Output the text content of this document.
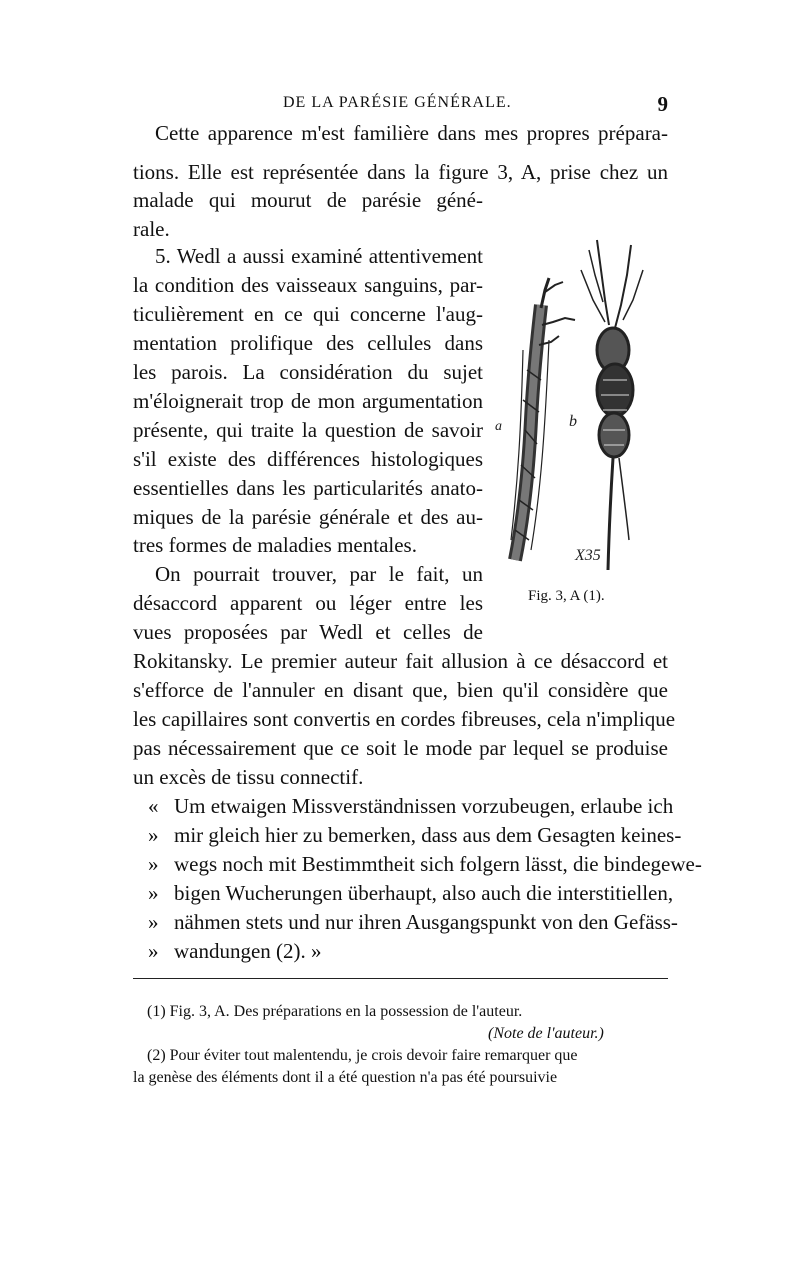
DE LA PARÉSIE GÉNÉRALE.	9
Cette apparence m'est familière dans mes propres prépara-
tions. Elle est représentée dans la figure 3, A, prise chez un
malade qui mourut de parésie géné-
rale.
5. Wedl a aussi examiné attentivement
la condition des vaisseaux sanguins, par-
ticulièrement en ce qui concerne l'aug-
mentation prolifique des cellules dans
les parois. La considération du sujet
m'éloignerait trop de mon argumentation
présente, qui traite la question de savoir
s'il existe des différences histologiques
essentielles dans les particularités anato-
miques de la parésie générale et des au-
tres formes de maladies mentales.
On pourrait trouver, par le fait, un
désaccord apparent ou léger entre les
vues proposées par Wedl et celles de
Rokitansky. Le premier auteur fait allusion à ce désaccord et
s'efforce de l'annuler en disant que, bien qu'il considère que
les capillaires sont convertis en cordes fibreuses, cela n'implique
pas nécessairement que ce soit le mode par lequel se produise
un excès de tissu connectif.
« Um etwaigen Missverständnissen vorzubeugen, erlaube ich
» mir gleich hier zu bemerken, dass aus dem Gesagten keines-
» wegs noch mit Bestimmtheit sich folgern lässt, die bindegewe-
» bigen Wucherungen überhaupt, also auch die interstitiellen,
» nähmen stets und nur ihren Ausgangspunkt von den Gefäss-
» wandungen (2). »
a	b
X35
Fig. 3, A (1).
(1) Fig. 3, A. Des préparations en la possession de l'auteur.
(Note de l'auteur.)
(2) Pour éviter tout malentendu, je crois devoir faire remarquer que
la genèse des éléments dont il a été question n'a pas été poursuivie
